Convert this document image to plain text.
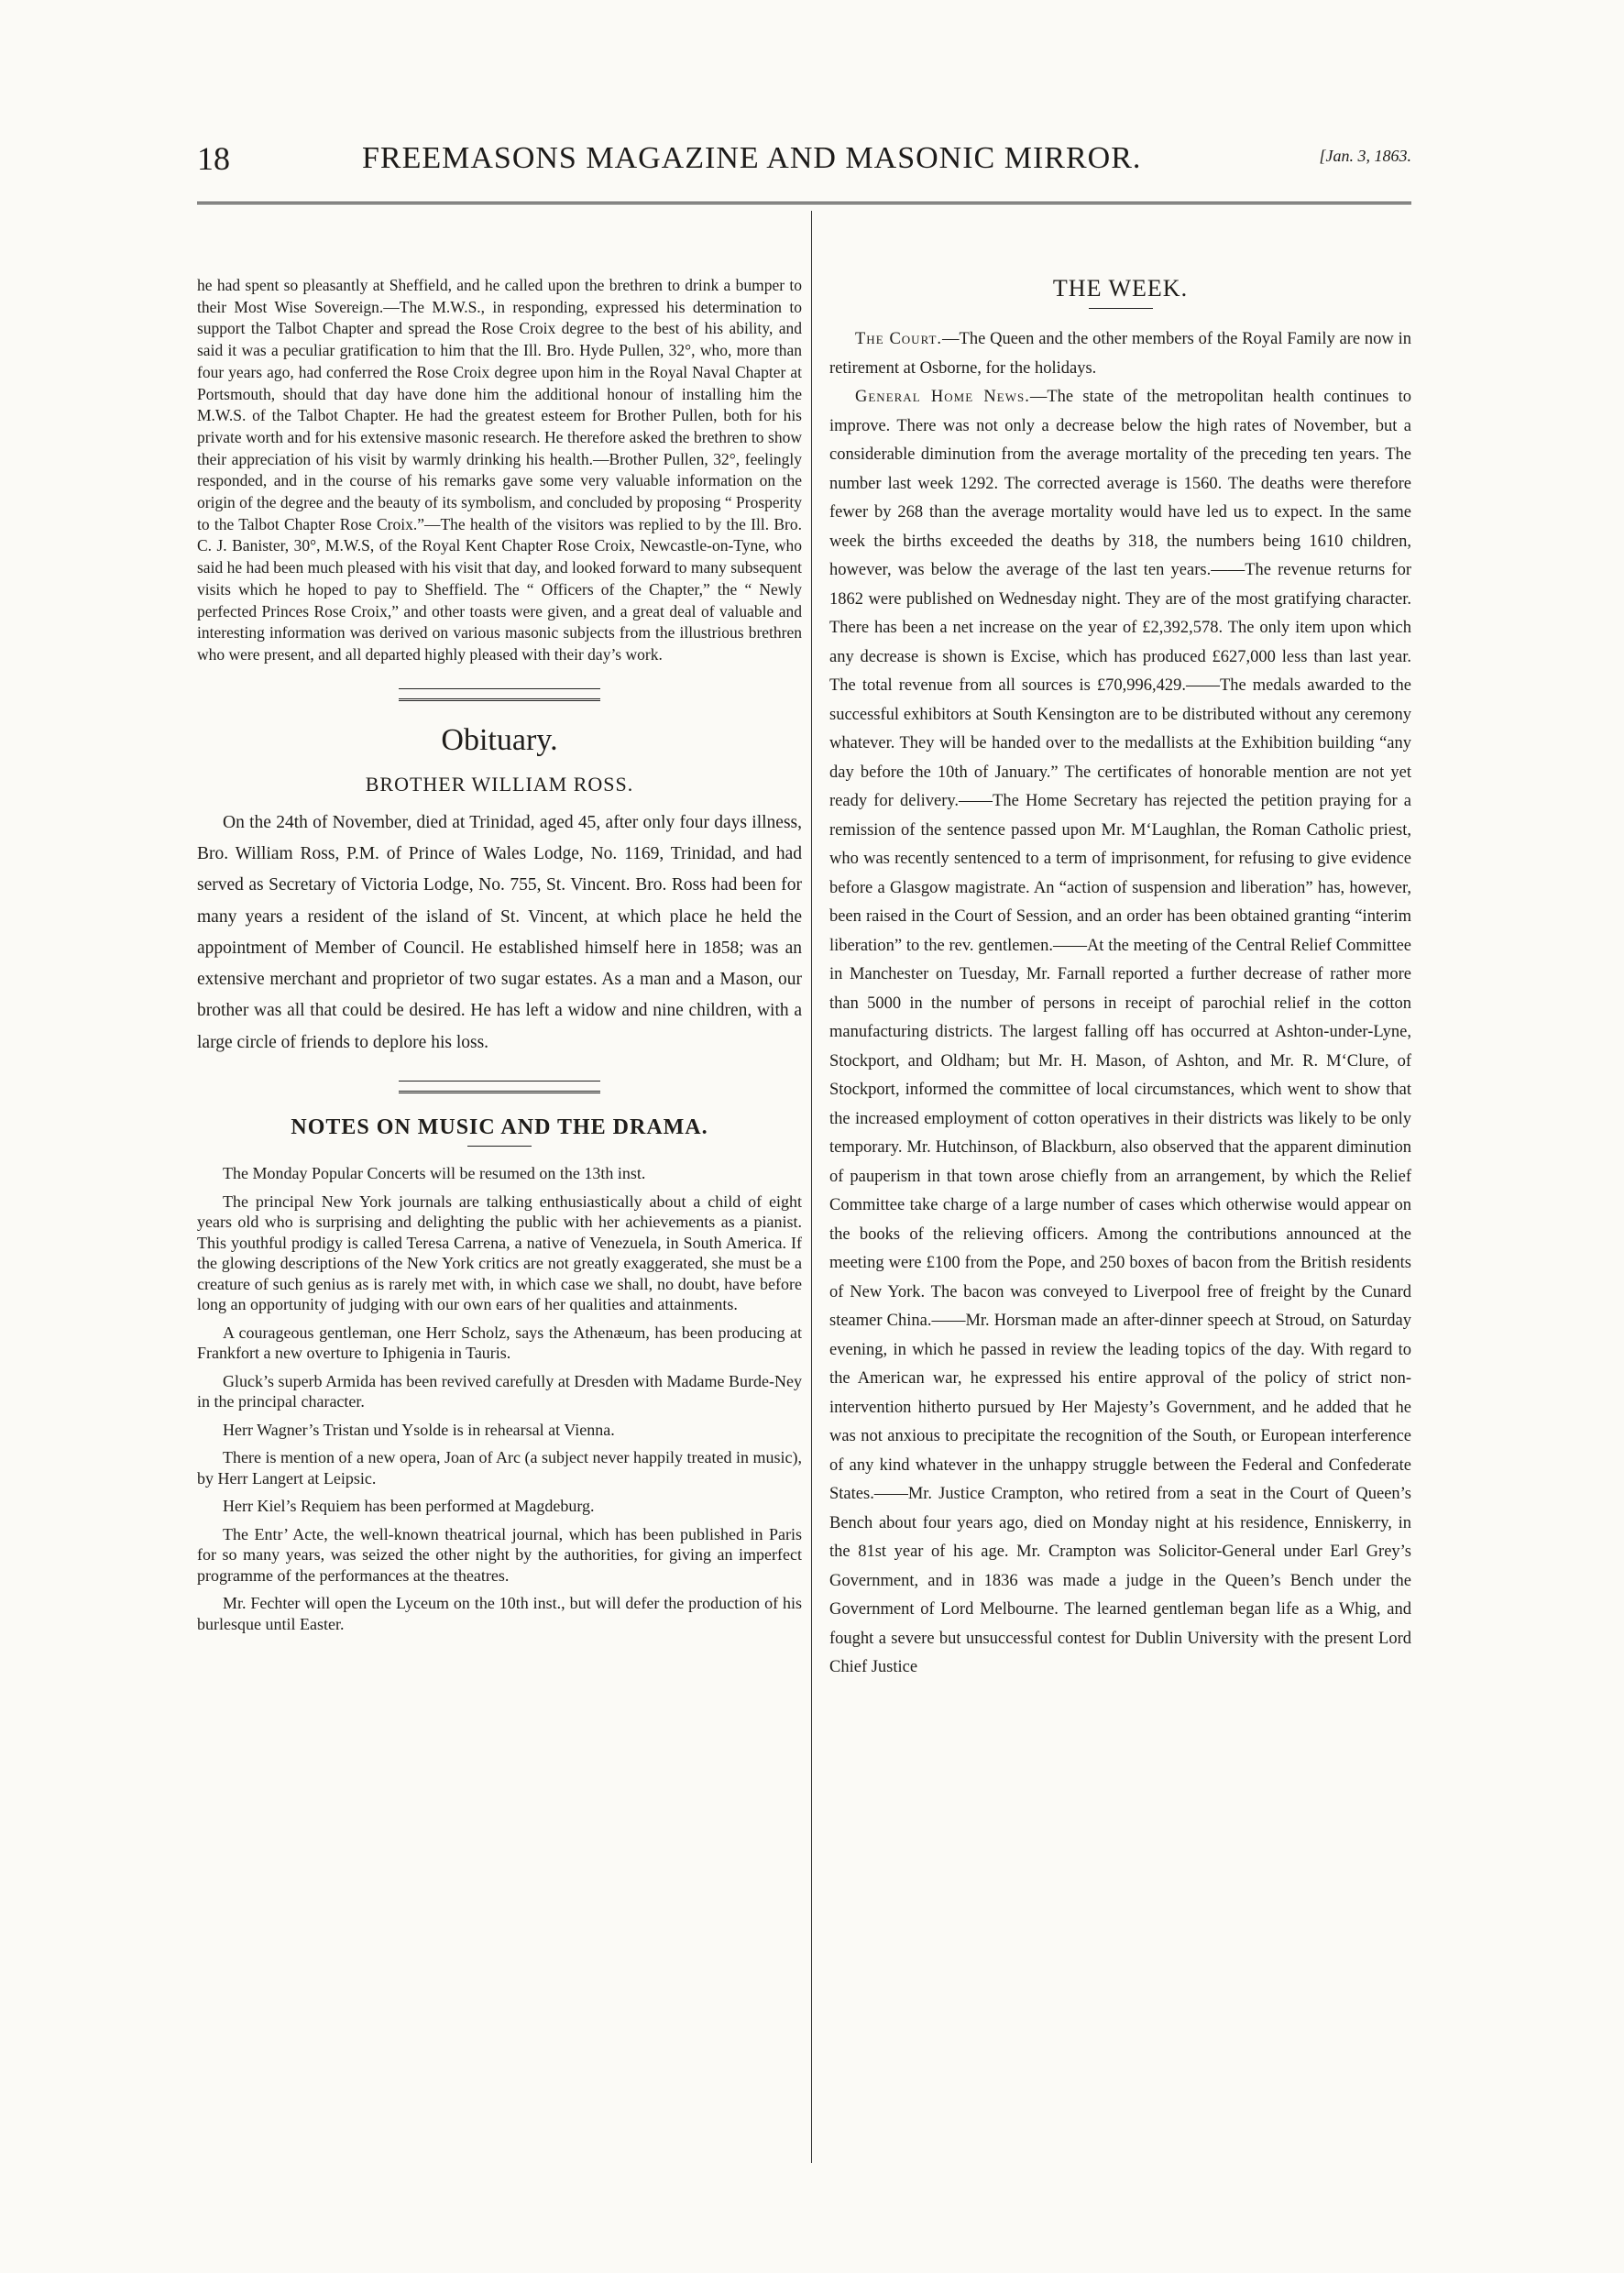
18	FREEMASONS MAGAZINE AND MASONIC MIRROR.	[Jan. 3, 1863.

he had spent so pleasantly at Sheffield, and he called upon the brethren to drink a bumper to their Most Wise Sovereign.—The M.W.S., in responding, expressed his determination to support the Talbot Chapter and spread the Rose Croix degree to the best of his ability, and said it was a peculiar gratification to him that the Ill. Bro. Hyde Pullen, 32°, who, more than four years ago, had conferred the Rose Croix degree upon him in the Royal Naval Chapter at Portsmouth, should that day have done him the additional honour of installing him the M.W.S. of the Talbot Chapter. He had the greatest esteem for Brother Pullen, both for his private worth and for his extensive masonic research. He therefore asked the brethren to show their appreciation of his visit by warmly drinking his health.—Brother Pullen, 32°, feelingly responded, and in the course of his remarks gave some very valuable information on the origin of the degree and the beauty of its symbolism, and concluded by proposing “ Prosperity to the Talbot Chapter Rose Croix.”—The health of the visitors was replied to by the Ill. Bro. C. J. Banister, 30°, M.W.S, of the Royal Kent Chapter Rose Croix, Newcastle-on-Tyne, who said he had been much pleased with his visit that day, and looked forward to many subsequent visits which he hoped to pay to Sheffield. The “ Officers of the Chapter,” the “ Newly perfected Princes Rose Croix,” and other toasts were given, and a great deal of valuable and interesting information was derived on various masonic subjects from the illustrious brethren who were present, and all departed highly pleased with their day’s work.

Obituary.
BROTHER WILLIAM ROSS.

On the 24th of November, died at Trinidad, aged 45, after only four days illness, Bro. William Ross, P.M. of Prince of Wales Lodge, No. 1169, Trinidad, and had served as Secretary of Victoria Lodge, No. 755, St. Vincent. Bro. Ross had been for many years a resident of the island of St. Vincent, at which place he held the appointment of Member of Council. He established himself here in 1858; was an extensive merchant and proprietor of two sugar estates. As a man and a Mason, our brother was all that could be desired. He has left a widow and nine children, with a large circle of friends to deplore his loss.

NOTES ON MUSIC AND THE DRAMA.

The Monday Popular Concerts will be resumed on the 13th inst.

The principal New York journals are talking enthusiastically about a child of eight years old who is surprising and delighting the public with her achievements as a pianist. This youthful prodigy is called Teresa Carrena, a native of Venezuela, in South America. If the glowing descriptions of the New York critics are not greatly exaggerated, she must be a creature of such genius as is rarely met with, in which case we shall, no doubt, have before long an opportunity of judging with our own ears of her qualities and attainments.

A courageous gentleman, one Herr Scholz, says the Athenæum, has been producing at Frankfort a new overture to Iphigenia in Tauris.

Gluck’s superb Armida has been revived carefully at Dresden with Madame Burde-Ney in the principal character.

Herr Wagner’s Tristan und Ysolde is in rehearsal at Vienna.

There is mention of a new opera, Joan of Arc (a subject never happily treated in music), by Herr Langert at Leipsic.

Herr Kiel’s Requiem has been performed at Magdeburg.

The Entr’ Acte, the well-known theatrical journal, which has been published in Paris for so many years, was seized the other night by the authorities, for giving an imperfect programme of the performances at the theatres.

Mr. Fechter will open the Lyceum on the 10th inst., but will defer the production of his burlesque until Easter.

THE WEEK.

The Court.—The Queen and the other members of the Royal Family are now in retirement at Osborne, for the holidays.

General Home News.—The state of the metropolitan health continues to improve. There was not only a decrease below the high rates of November, but a considerable diminution from the average mortality of the preceding ten years. The number last week 1292. The corrected average is 1560. The deaths were therefore fewer by 268 than the average mortality would have led us to expect. In the same week the births exceeded the deaths by 318, the numbers being 1610 children, however, was below the average of the last ten years.——The revenue returns for 1862 were published on Wednesday night. They are of the most gratifying character. There has been a net increase on the year of £2,392,578. The only item upon which any decrease is shown is Excise, which has produced £627,000 less than last year. The total revenue from all sources is £70,996,429.——The medals awarded to the successful exhibitors at South Kensington are to be distributed without any ceremony whatever. They will be handed over to the medallists at the Exhibition building “any day before the 10th of January.” The certificates of honorable mention are not yet ready for delivery.——The Home Secretary has rejected the petition praying for a remission of the sentence passed upon Mr. M‘Laughlan, the Roman Catholic priest, who was recently sentenced to a term of imprisonment, for refusing to give evidence before a Glasgow magistrate. An “action of suspension and liberation” has, however, been raised in the Court of Session, and an order has been obtained granting “interim liberation” to the rev. gentlemen.——At the meeting of the Central Relief Committee in Manchester on Tuesday, Mr. Farnall reported a further decrease of rather more than 5000 in the number of persons in receipt of parochial relief in the cotton manufacturing districts. The largest falling off has occurred at Ashton-under-Lyne, Stockport, and Oldham; but Mr. H. Mason, of Ashton, and Mr. R. M‘Clure, of Stockport, informed the committee of local circumstances, which went to show that the increased employment of cotton operatives in their districts was likely to be only temporary. Mr. Hutchinson, of Blackburn, also observed that the apparent diminution of pauperism in that town arose chiefly from an arrangement, by which the Relief Committee take charge of a large number of cases which otherwise would appear on the books of the relieving officers. Among the contributions announced at the meeting were £100 from the Pope, and 250 boxes of bacon from the British residents of New York. The bacon was conveyed to Liverpool free of freight by the Cunard steamer China.——Mr. Horsman made an after-dinner speech at Stroud, on Saturday evening, in which he passed in review the leading topics of the day. With regard to the American war, he expressed his entire approval of the policy of strict non-intervention hitherto pursued by Her Majesty’s Government, and he added that he was not anxious to precipitate the recognition of the South, or European interference of any kind whatever in the unhappy struggle between the Federal and Confederate States.——Mr. Justice Crampton, who retired from a seat in the Court of Queen’s Bench about four years ago, died on Monday night at his residence, Enniskerry, in the 81st year of his age. Mr. Crampton was Solicitor-General under Earl Grey’s Government, and in 1836 was made a judge in the Queen’s Bench under the Government of Lord Melbourne. The learned gentleman began life as a Whig, and fought a severe but unsuccessful contest for Dublin University with the present Lord Chief Justice
